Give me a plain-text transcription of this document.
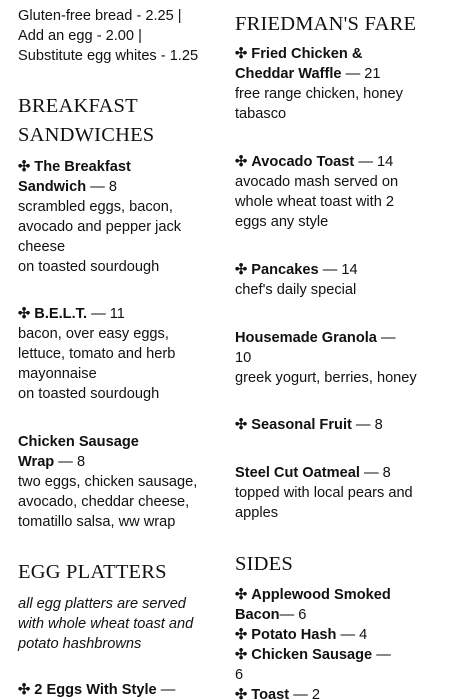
Gluten-free bread - 2.25 |
Add an egg - 2.00 |
Substitute egg whites - 1.25
BREAKFAST
SANDWICHES
✣ The Breakfast
Sandwich — 8
scrambled eggs, bacon,
avocado and pepper jack
cheese
on toasted sourdough
✣ B.E.L.T. — 11
bacon, over easy eggs,
lettuce, tomato and herb
mayonnaise
on toasted sourdough
Chicken Sausage
Wrap — 8
two eggs, chicken sausage,
avocado, cheddar cheese,
tomatillo salsa, ww wrap
EGG PLATTERS
all egg platters are served
with whole wheat toast and
potato hashbrowns
✣ 2 Eggs With Style —
FRIEDMAN'S FARE
✣ Fried Chicken &
Cheddar Waffle — 21
free range chicken, honey
tabasco
✣ Avocado Toast — 14
avocado mash served on
whole wheat toast with 2
eggs any style
✣ Pancakes — 14
chef's daily special
Housemade Granola —
10
greek yogurt, berries, honey
✣ Seasonal Fruit — 8
Steel Cut Oatmeal — 8
topped with local pears and
apples
SIDES
✣ Applewood Smoked
Bacon— 6
✣ Potato Hash — 4
✣ Chicken Sausage —
6
✣ Toast — 2
